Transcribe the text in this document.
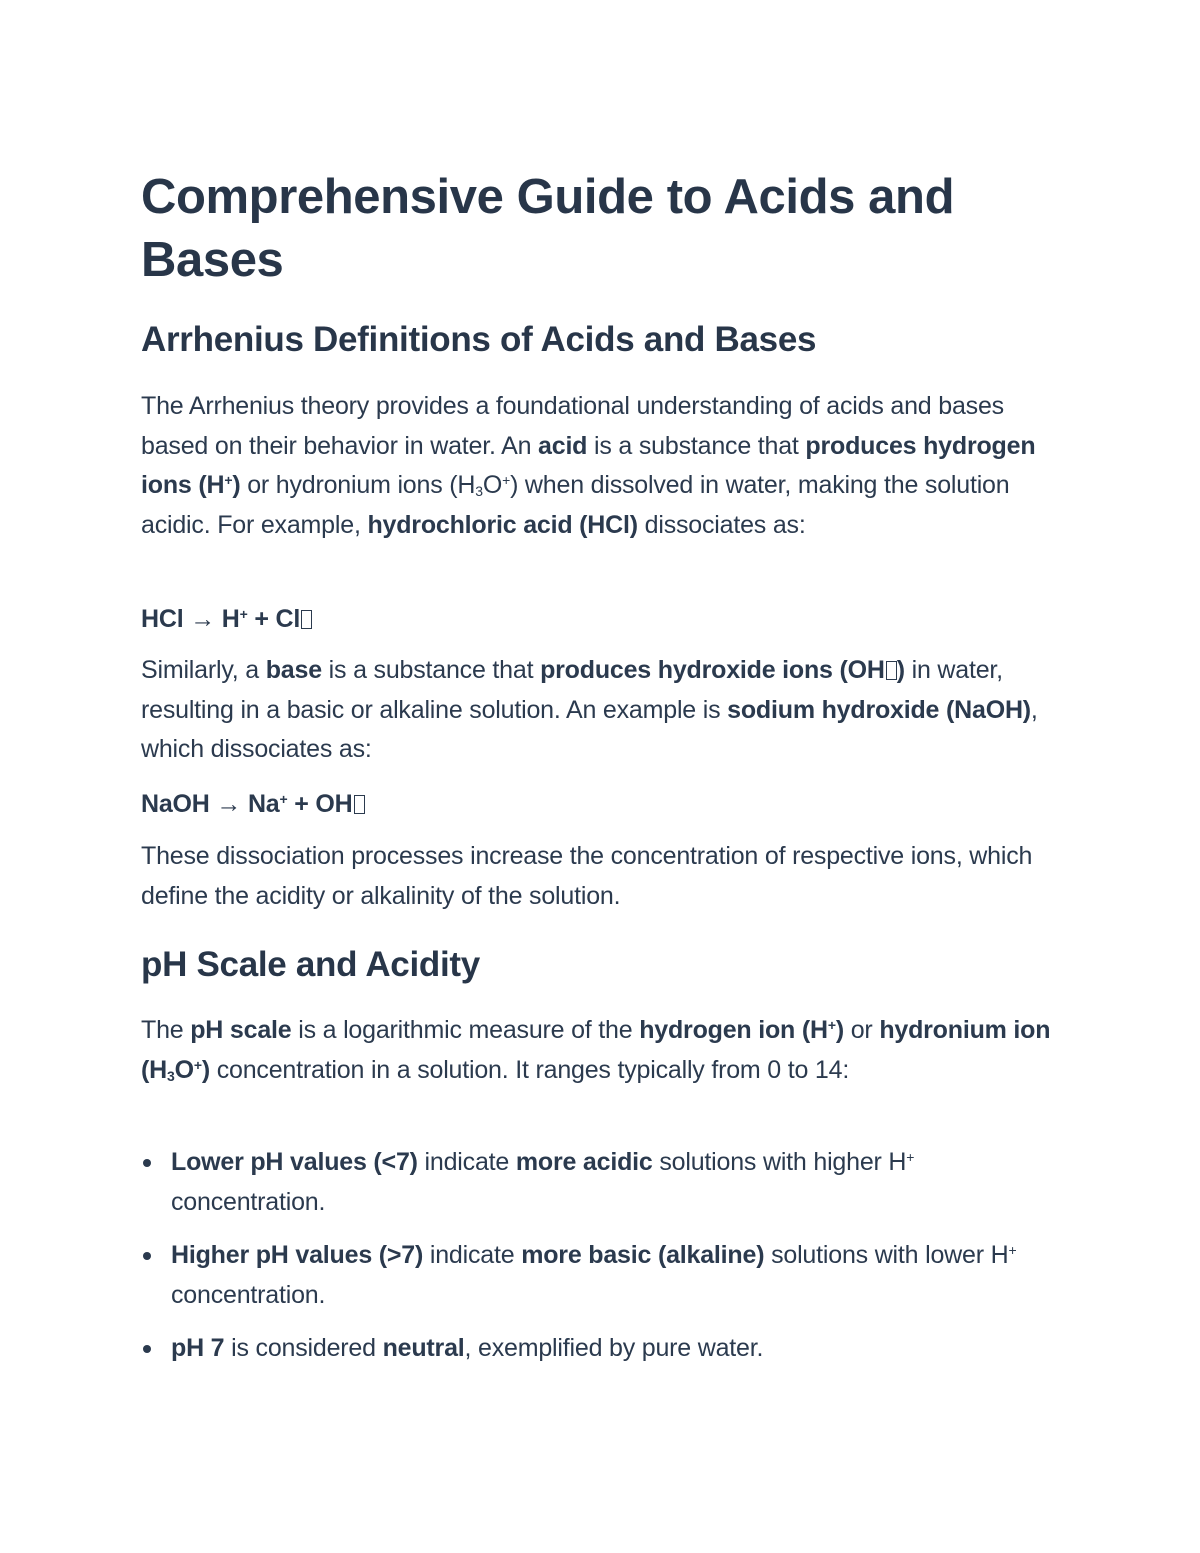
Comprehensive Guide to Acids and Bases
Arrhenius Definitions of Acids and Bases

The Arrhenius theory provides a foundational understanding of acids and bases based on their behavior in water. An acid is a substance that produces hydrogen ions (H+) or hydronium ions $(H_3O^+)$ when dissolved in water, making the solution acidic. For example, hydrochloric acid (HCl) dissociates as:

HCl → H+ + Cl

Similarly, a base is a substance that produces hydroxide ions (OH ) in water, resulting in a basic or alkaline solution. An example is sodium hydroxide (NaOH), which dissociates as:

NaOH → Na+ + OH

These dissociation processes increase the concentration of respective ions, which define the acidity or alkalinity of the solution.

pH Scale and Acidity

The pH scale is a logarithmic measure of the hydrogen ion (H+) or hydronium ion $(H_3O^+)$ concentration in a solution. It ranges typically from 0 to 14:

Lower pH values (<7) indicate more acidic solutions with higher H+ concentration.
Higher pH values (>7) indicate more basic (alkaline) solutions with lower H+ concentration.
pH 7 is considered neutral, exemplified by pure water.
